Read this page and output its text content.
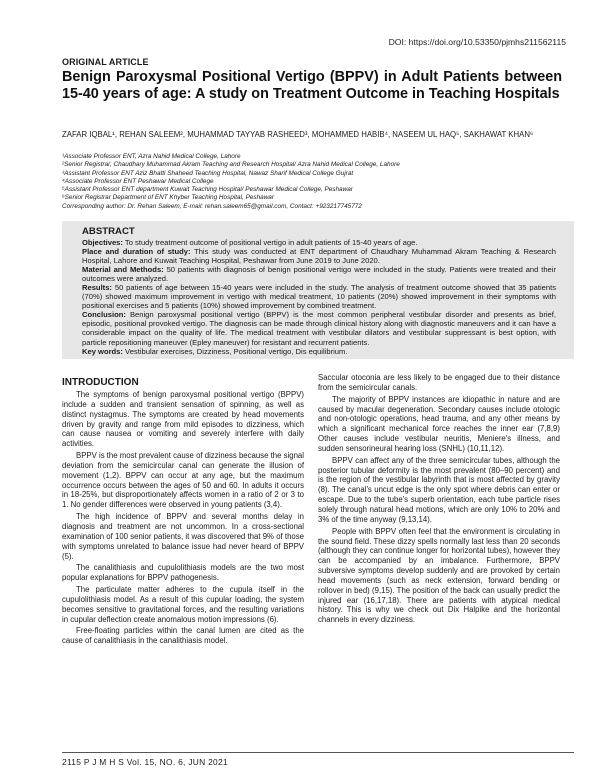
DOI: https://doi.org/10.53350/pjmhs211562115
ORIGINAL ARTICLE
Benign Paroxysmal Positional Vertigo (BPPV) in Adult Patients between 15-40 years of age: A study on Treatment Outcome in Teaching Hospitals
ZAFAR IQBAL¹, REHAN SALEEM², MUHAMMAD TAYYAB RASHEED³, MOHAMMED HABIB⁴, NASEEM UL HAQ⁵, SAKHAWAT KHAN⁶
¹Associate Professor ENT, Azra Nahid Medical College, Lahore
²Senior Registrar, Chaudhary Muhammad Akram Teaching and Research Hospital/ Azra Nahid Medical College, Lahore
³Assistant Professor ENT Aziz Bhatti Shaheed Teaching Hospital, Nawaz Sharif Medical College Gujrat
⁴Associate Professor ENT Peshawar Medical College
⁵Assistant Professor ENT department Kuwait Teaching Hospital/ Peshawar Medical College, Peshawar
⁶Senior Registrar Department of ENT Khyber Teaching Hospital, Peshawar
Corresponding author: Dr. Rehan Saleem, E-mail: rehan.saleem65@gmail.com, Contact: +923217745772
ABSTRACT

Objectives: To study treatment outcome of positional vertigo in adult patients of 15-40 years of age.

Place and duration of study: This study was conducted at ENT department of Chaudhary Muhammad Akram Teaching & Research Hospital, Lahore and Kuwait Teaching Hospital, Peshawar from June 2019 to June 2020.

Material and Methods: 50 patients with diagnosis of benign positional vertigo were included in the study. Patients were treated and their outcomes were analyzed.

Results: 50 patients of age between 15-40 years were included in the study. The analysis of treatment outcome showed that 35 patients (70%) showed maximum improvement in vertigo with medical treatment, 10 patients (20%) showed improvement in their symptoms with positional exercises and 5 patients (10%) showed improvement by combined treatment.

Conclusion: Benign paroxysmal positional vertigo (BPPV) is the most common peripheral vestibular disorder and presents as brief, episodic, positional provoked vertigo. The diagnosis can be made through clinical history along with diagnostic maneuvers and it can have a considerable impact on the quality of life. The medical treatment with vestibular dilators and vestibular suppressant is best option, with particle repositioning maneuver (Epley maneuver) for resistant and recurrent patients.

Key words: Vestibular exercises, Dizziness, Positional vertigo, Dis equilibrium.

INTRODUCTION

The symptoms of benign paroxysmal positional vertigo (BPPV) include a sudden and transient sensation of spinning, as well as distinct nystagmus. The symptoms are created by head movements driven by gravity and range from mild episodes to dizziness, which can cause nausea or vomiting and severely interfere with daily activities.

BPPV is the most prevalent cause of dizziness because the signal deviation from the semicircular canal can generate the illusion of movement (1,2). BPPV can occur at any age, but the maximum occurrence occurs between the ages of 50 and 60. In adults it occurs in 18-25%, but disproportionately affects women in a ratio of 2 or 3 to 1. No gender differences were observed in young patients (3,4).

The high incidence of BPPV and several months delay in diagnosis and treatment are not uncommon. In a cross-sectional examination of 100 senior patients, it was discovered that 9% of those with symptoms unrelated to balance issue had never heard of BPPV (5).

The canalithiasis and cupulolithiasis models are the two most popular explanations for BPPV pathogenesis.

The particulate matter adheres to the cupula itself in the cupulolithiasis model. As a result of this cupular loading, the system becomes sensitive to gravitational forces, and the resulting variations in cupular deflection create anomalous motion impressions (6).

Free-floating particles within the canal lumen are cited as the cause of canalithiasis in the canalithiasis model.

Saccular otoconia are less likely to be engaged due to their distance from the semicircular canals.

The majority of BPPV instances are idiopathic in nature and are caused by macular degeneration. Secondary causes include otologic and non-otologic operations, head trauma, and any other means by which a significant mechanical force reaches the inner ear (7,8,9) Other causes include vestibular neuritis, Meniere's illness, and sudden sensorineural hearing loss (SNHL) (10,11,12).

BPPV can affect any of the three semicircular tubes, although the posterior tubular deformity is the most prevalent (80–90 percent) and is the region of the vestibular labyrinth that is most affected by gravity (8). The canal's uncut edge is the only spot where debris can enter or escape. Due to the tube's superb orientation, each tube particle rises solely through natural head motions, which are only 10% to 20% and 3% of the time anyway (9,13,14).

People with BPPV often feel that the environment is circulating in the sound field. These dizzy spells normally last less than 20 seconds (although they can continue longer for horizontal tubes), however they can be accompanied by an imbalance. Furthermore, BPPV subversive symptoms develop suddenly and are provoked by certain head movements (such as neck extension, forward bending or rollover in bed) (9,15). The position of the back can usually predict the injured ear (16,17,18). There are patients with atypical medical history. This is why we check out Dix Halpike and the horizontal channels in every dizziness.

2115 P J M H S Vol. 15, NO. 6, JUN 2021
